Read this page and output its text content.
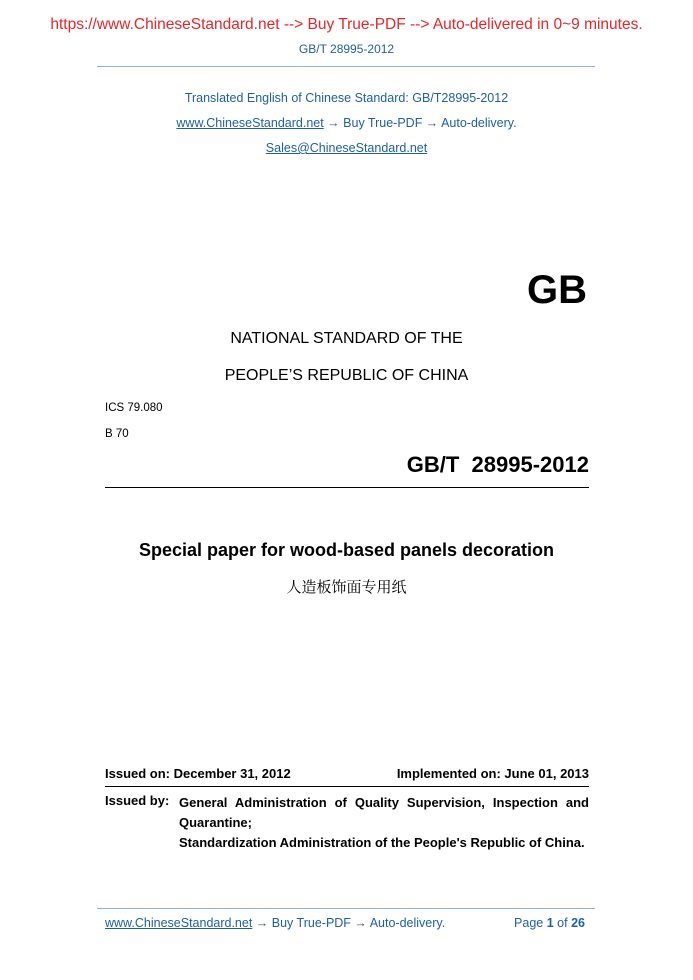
https://www.ChineseStandard.net --> Buy True-PDF --> Auto-delivered in 0~9 minutes.
GB/T 28995-2012
Translated English of Chinese Standard: GB/T28995-2012
www.ChineseStandard.net → Buy True-PDF → Auto-delivery.
Sales@ChineseStandard.net
GB
NATIONAL STANDARD OF THE
PEOPLE’S REPUBLIC OF CHINA
ICS 79.080
B 70
GB/T  28995-2012
Special paper for wood-based panels decoration
人造板饰面专用纸
Issued on: December 31, 2012	Implemented on: June 01, 2013
Issued by: General Administration of Quality Supervision, Inspection and Quarantine;

Standardization Administration of the People's Republic of China.

www.ChineseStandard.net → Buy True-PDF → Auto-delivery.	Page 1 of 26
